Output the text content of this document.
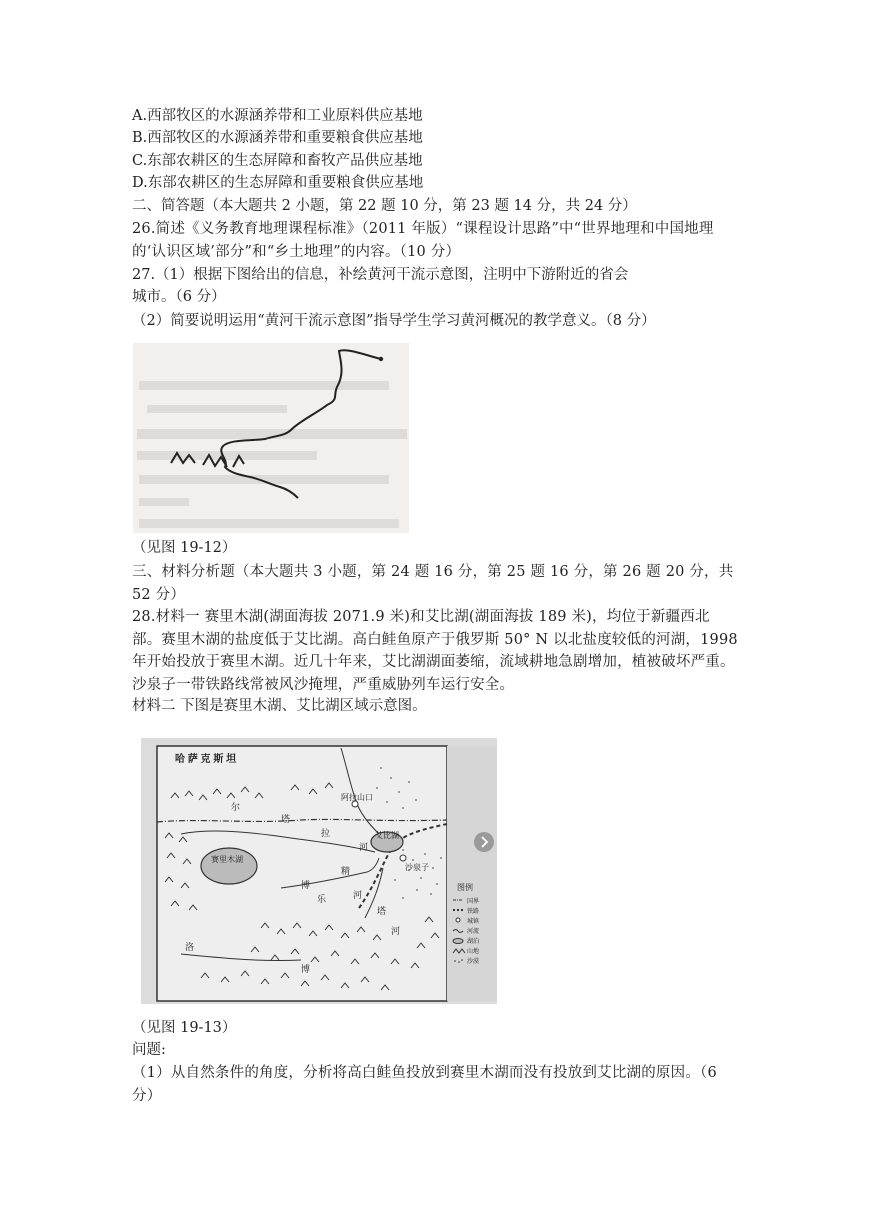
A.西部牧区的水源涵养带和工业原料供应基地
B.西部牧区的水源涵养带和重要粮食供应基地
C.东部农耕区的生态屏障和畜牧产品供应基地
D.东部农耕区的生态屏障和重要粮食供应基地
二、简答题（本大题共 2 小题，第 22 题 10 分，第 23 题 14 分，共 24 分）
26.简述《义务教育地理课程标准》（2011 年版）“课程设计思路”中“世界地理和中国地理的‘认识区域’部分”和“乡土地理”的内容。（10 分）
27.（1）根据下图给出的信息，补绘黄河干流示意图，注明中下游附近的省会
城市。（6 分）
（2）简要说明运用“黄河干流示意图”指导学生学习黄河概况的教学意义。（8 分）
（见图 19-12）
三、材料分析题（本大题共 3 小题，第 24 题 16 分，第 25 题 16 分，第 26 题 20 分，共 52 分）
28.材料一 赛里木湖(湖面海拔 2071.9 米)和艾比湖(湖面海拔 189 米)，均位于新疆西北部。赛里木湖的盐度低于艾比湖。高白鲑鱼原产于俄罗斯 50° N 以北盐度较低的河湖，1998 年开始投放于赛里木湖。近几十年来，艾比湖湖面萎缩，流域耕地急剧增加，植被破坏严重。沙泉子一带铁路线常被风沙掩埋，严重威胁列车运行安全。
材料二 下图是赛里木湖、艾比湖区域示意图。
哈 萨 克 斯 坦
赛里木湖
艾比湖
阿拉山口
沙泉子
尔
塔
拉
河
精
河
博
乐
塔
河
博
洛
图例
国界
铁路
城镇
河流
湖泊
山地
沙漠
（见图 19-13）
问题:
（1）从自然条件的角度，分析将高白鲑鱼投放到赛里木湖而没有投放到艾比湖的原因。（6 分）
